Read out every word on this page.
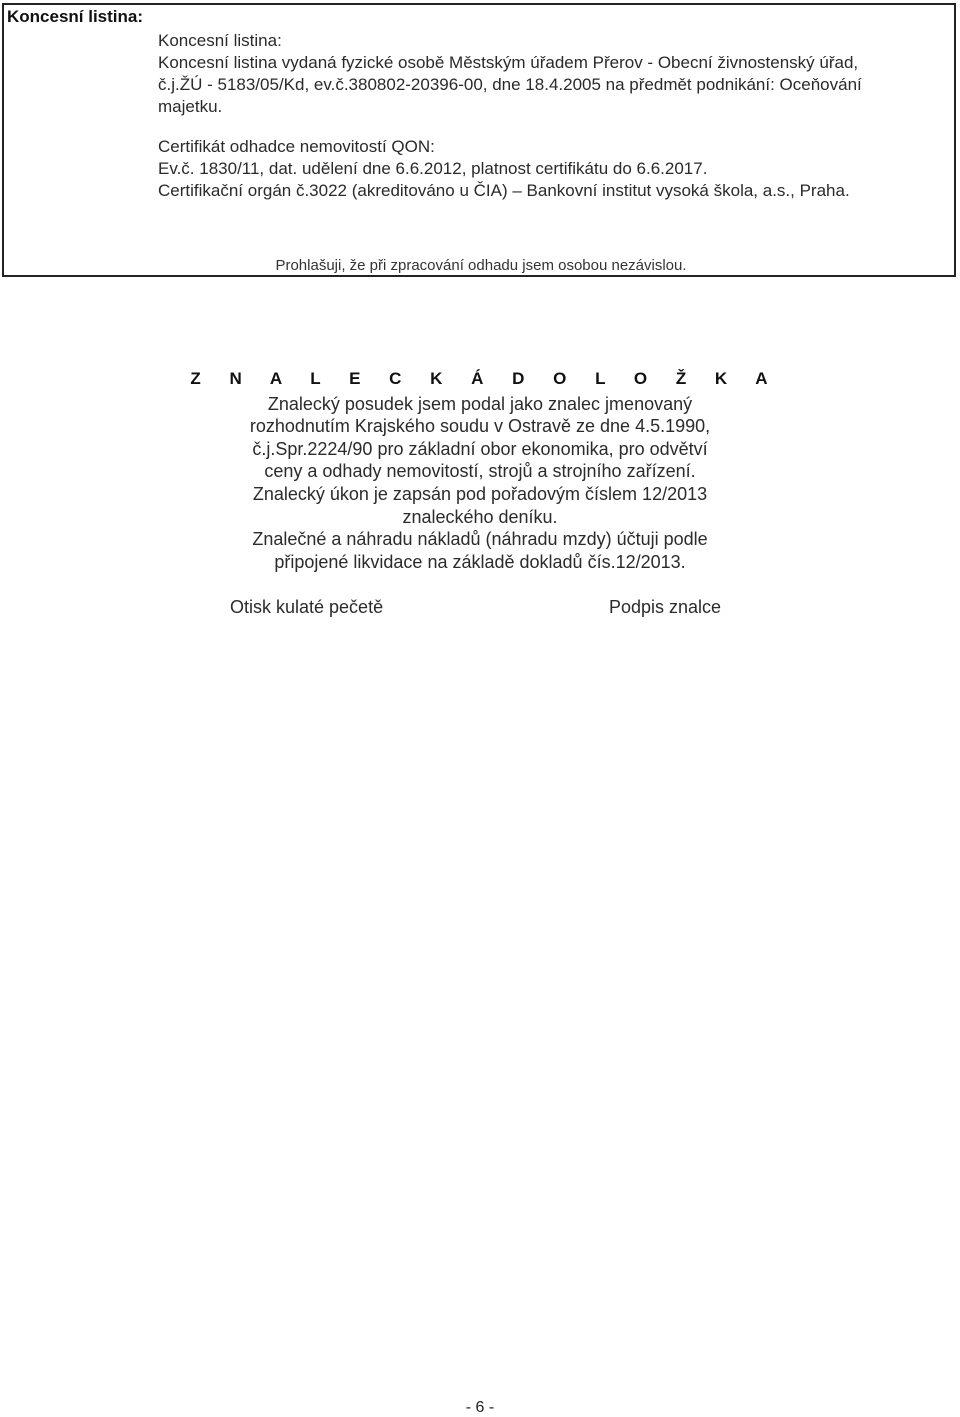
Koncesní listina:
Koncesní listina:
Koncesní listina vydaná fyzické osobě Městským úřadem Přerov - Obecní živnostenský úřad,
č.j.ŽÚ - 5183/05/Kd, ev.č.380802-20396-00, dne 18.4.2005 na předmět podnikání: Oceňování
majetku.
Certifikát odhadce nemovitostí QON:
Ev.č. 1830/11, dat. udělení dne 6.6.2012, platnost certifikátu do 6.6.2017.
Certifikační orgán č.3022 (akreditováno u ČIA) – Bankovní institut vysoká škola, a.s., Praha.
Prohlašuji, že při zpracování odhadu jsem osobou nezávislou.
Z N A L E C K Á D O L O Ž K A
Znalecký posudek jsem podal jako znalec jmenovaný
rozhodnutím Krajského soudu v Ostravě ze dne 4.5.1990,
č.j.Spr.2224/90 pro základní obor ekonomika, pro odvětví
ceny a odhady nemovitostí, strojů a strojního zařízení.
Znalecký úkon je zapsán pod pořadovým číslem 12/2013
znaleckého deníku.
Znalečné a náhradu nákladů (náhradu mzdy) účtuji podle
připojené likvidace na základě dokladů čís.12/2013.
Otisk kulaté pečetě	Podpis znalce
- 6 -
